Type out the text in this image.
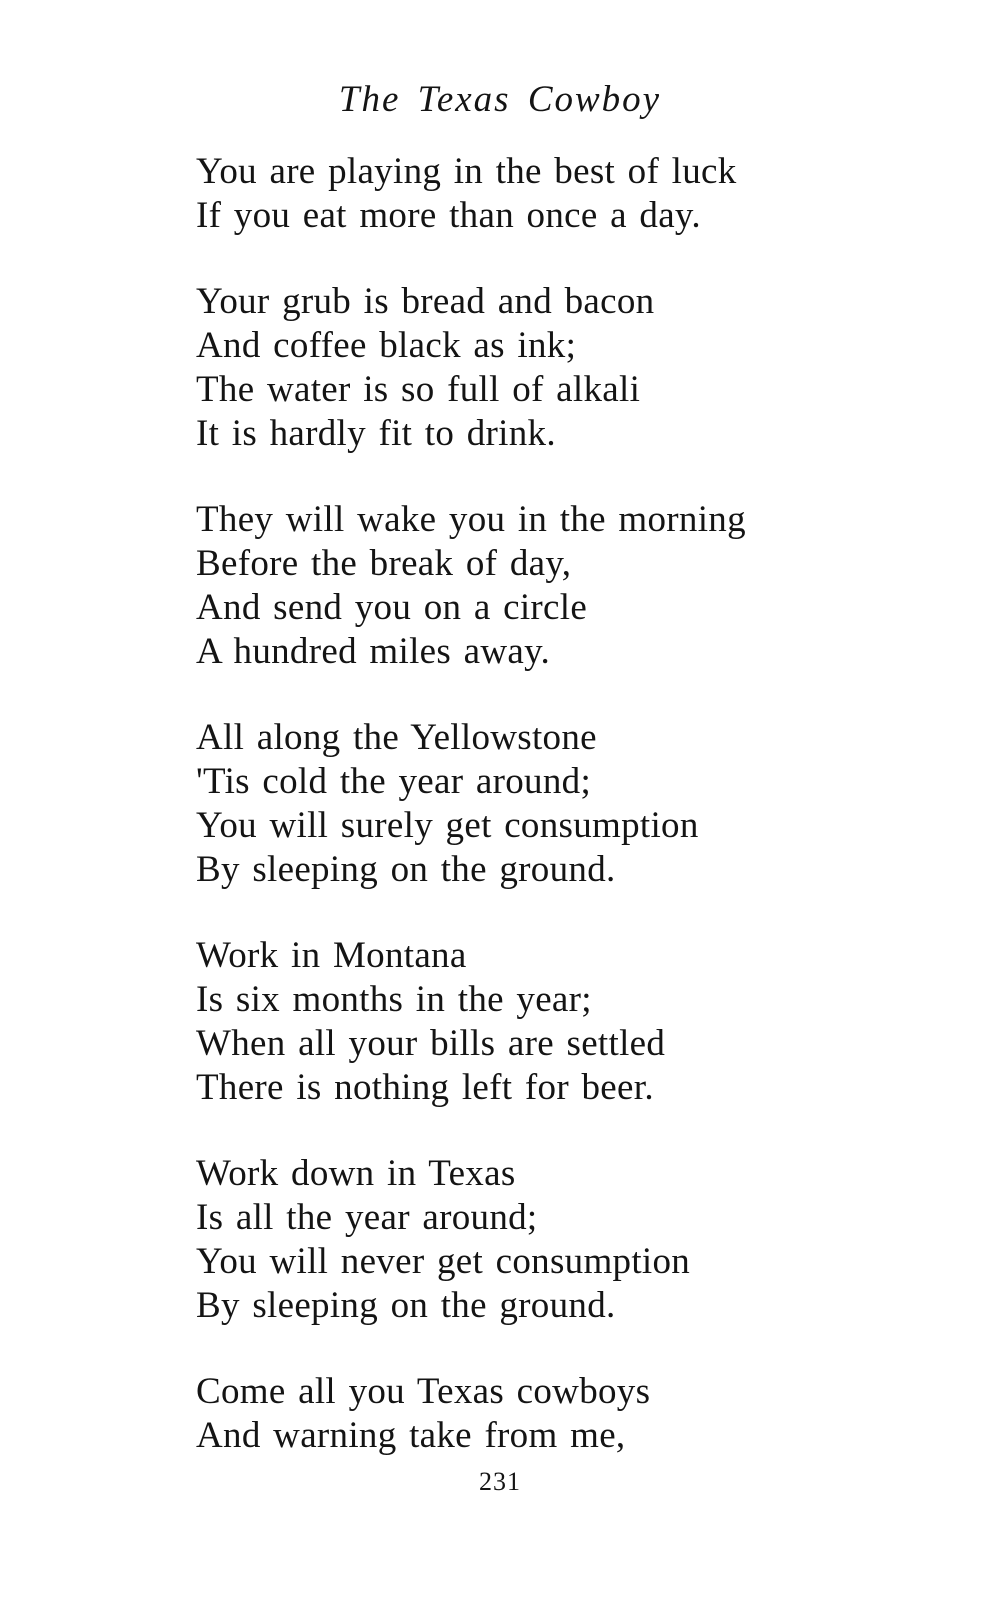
The Texas Cowboy
You are playing in the best of luck
If you eat more than once a day.
Your grub is bread and bacon
And coffee black as ink;
The water is so full of alkali
It is hardly fit to drink.
They will wake you in the morning
Before the break of day,
And send you on a circle
A hundred miles away.
All along the Yellowstone
'Tis cold the year around;
You will surely get consumption
By sleeping on the ground.
Work in Montana
Is six months in the year;
When all your bills are settled
There is nothing left for beer.
Work down in Texas
Is all the year around;
You will never get consumption
By sleeping on the ground.
Come all you Texas cowboys
And warning take from me,
231
